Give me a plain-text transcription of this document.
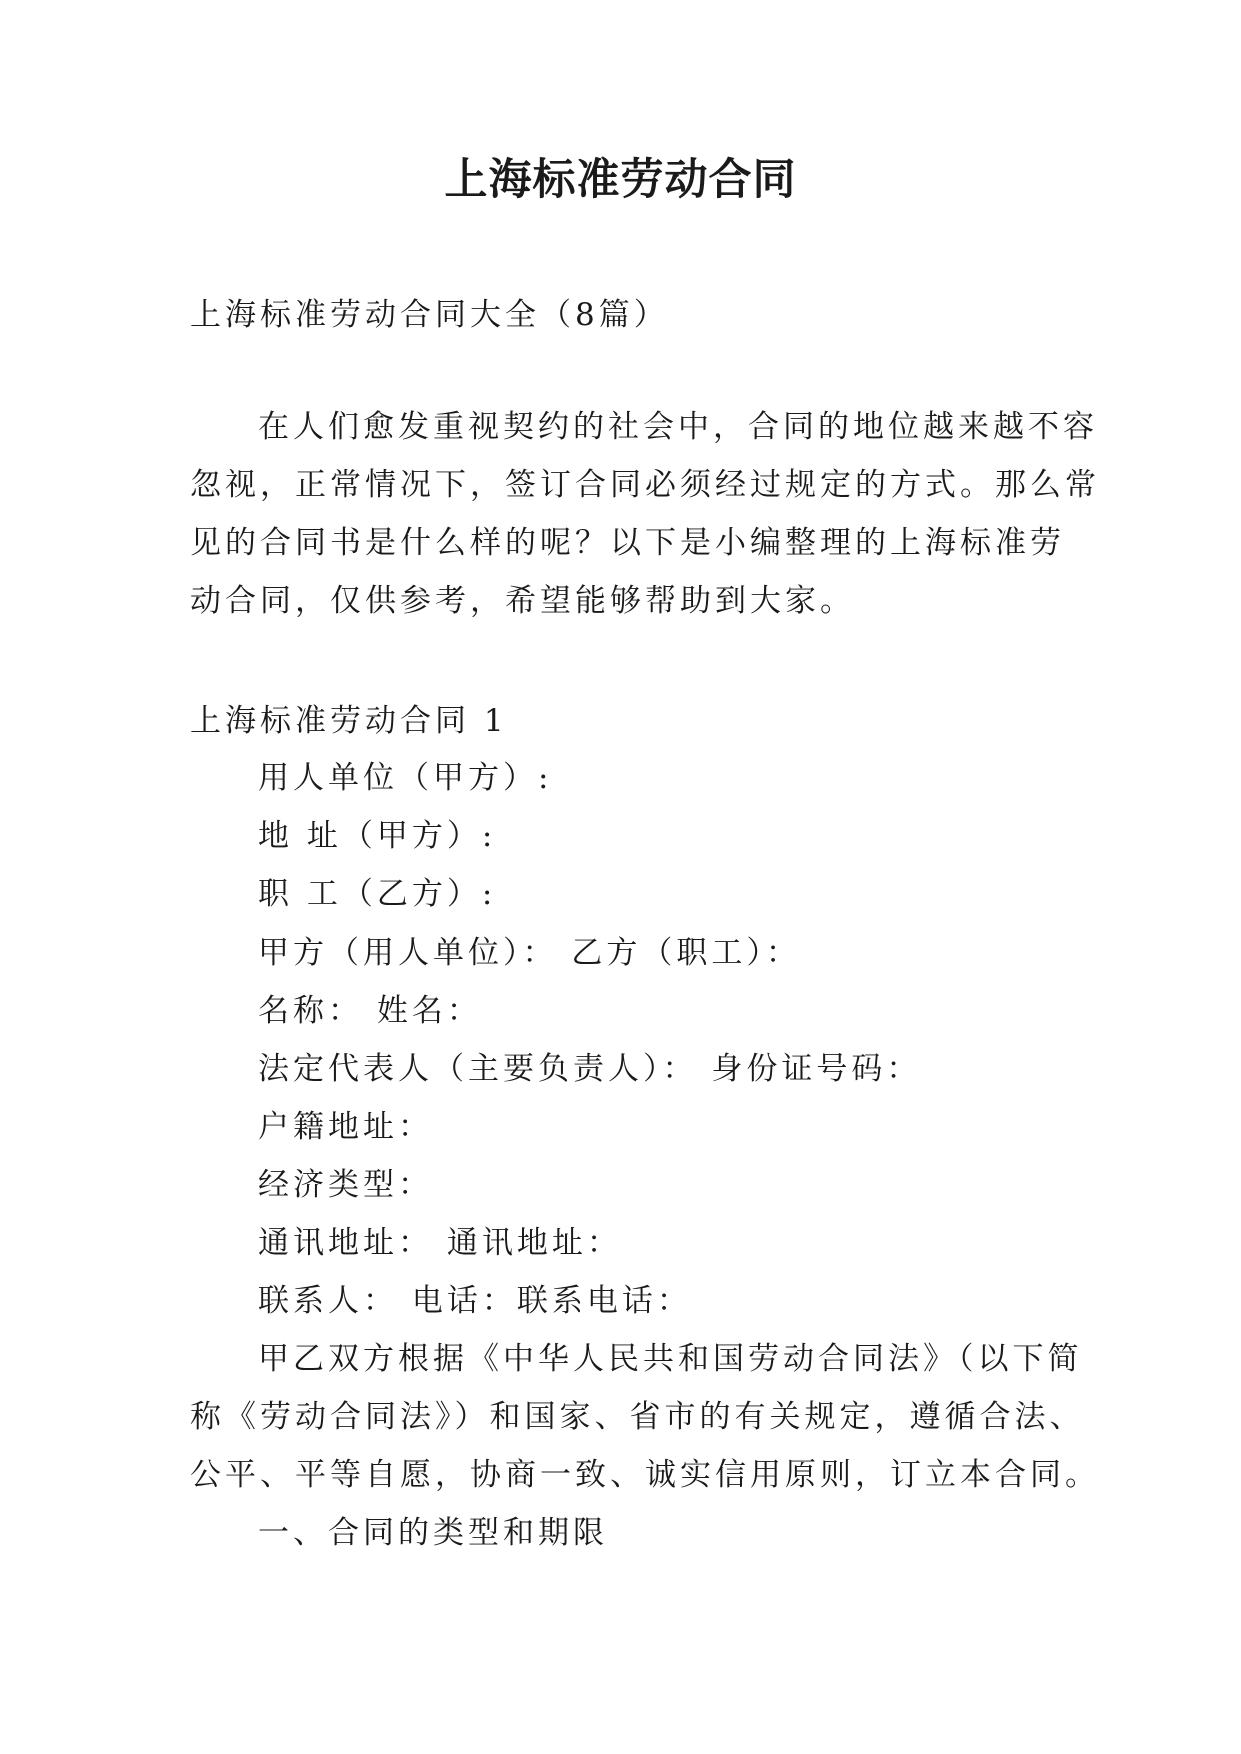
上海标准劳动合同
上海标准劳动合同大全（8篇）
在人们愈发重视契约的社会中，合同的地位越来越不容
忽视，正常情况下，签订合同必须经过规定的方式。那么常
见的合同书是什么样的呢？以下是小编整理的上海标准劳
动合同，仅供参考，希望能够帮助到大家。
上海标准劳动合同 1
用人单位（甲方）:
地 址（甲方）:
职 工（乙方）:
甲方（用人单位）： 乙方（职工）：
名称： 姓名：
法定代表人（主要负责人）： 身份证号码：
户籍地址：
经济类型：
通讯地址： 通讯地址：
联系人： 电话：联系电话：
甲乙双方根据《中华人民共和国劳动合同法》（以下简
称《劳动合同法》）和国家、省市的有关规定，遵循合法、
公平、平等自愿，协商一致、诚实信用原则，订立本合同。
一、合同的类型和期限
